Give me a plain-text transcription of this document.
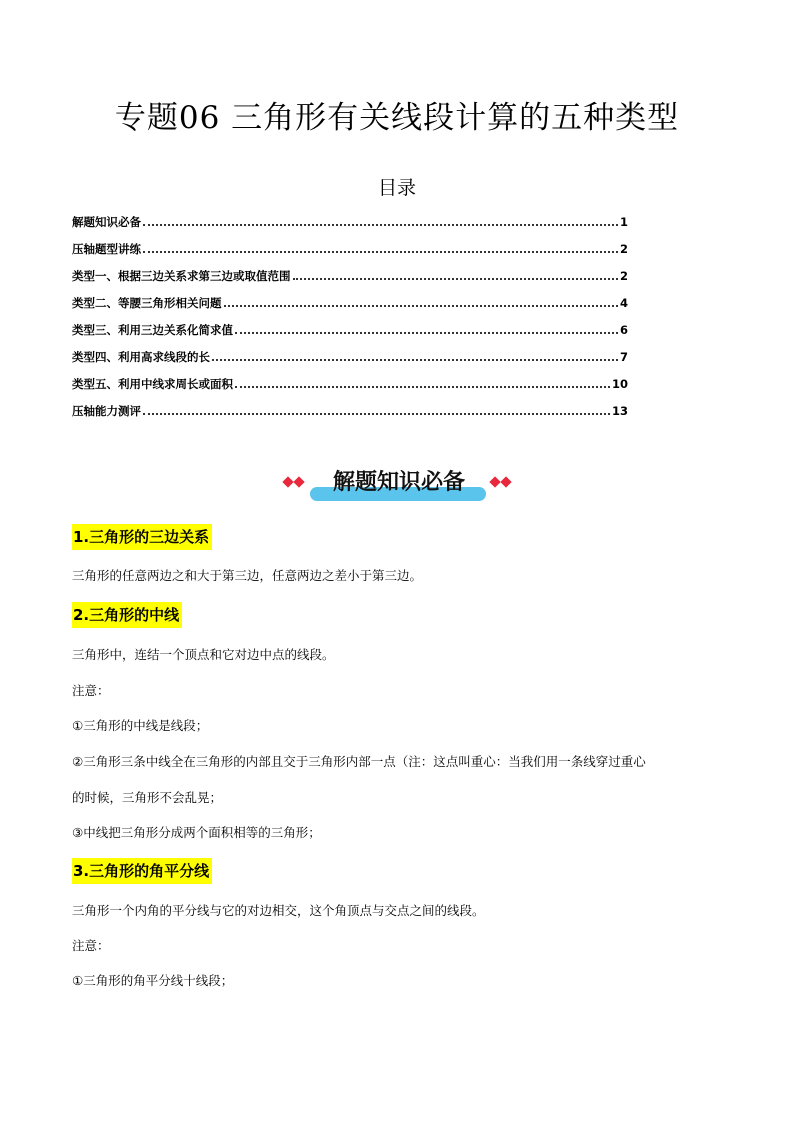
专题06 三角形有关线段计算的五种类型
目录
解题知识必备	1
压轴题型讲练	2
类型一、根据三边关系求第三边或取值范围	2
类型二、等腰三角形相关问题	4
类型三、利用三边关系化简求值	6
类型四、利用高求线段的长	7
类型五、利用中线求周长或面积	10
压轴能力测评	13
解题知识必备
1.三角形的三边关系
三角形的任意两边之和大于第三边，任意两边之差小于第三边。
2.三角形的中线
三角形中，连结一个顶点和它对边中点的线段。
注意：
①三角形的中线是线段；
②三角形三条中线全在三角形的内部且交于三角形内部一点（注：这点叫重心：当我们用一条线穿过重心
的时候，三角形不会乱晃；
③中线把三角形分成两个面积相等的三角形；
3.三角形的角平分线
三角形一个内角的平分线与它的对边相交，这个角顶点与交点之间的线段。
注意：
①三角形的角平分线十线段；
